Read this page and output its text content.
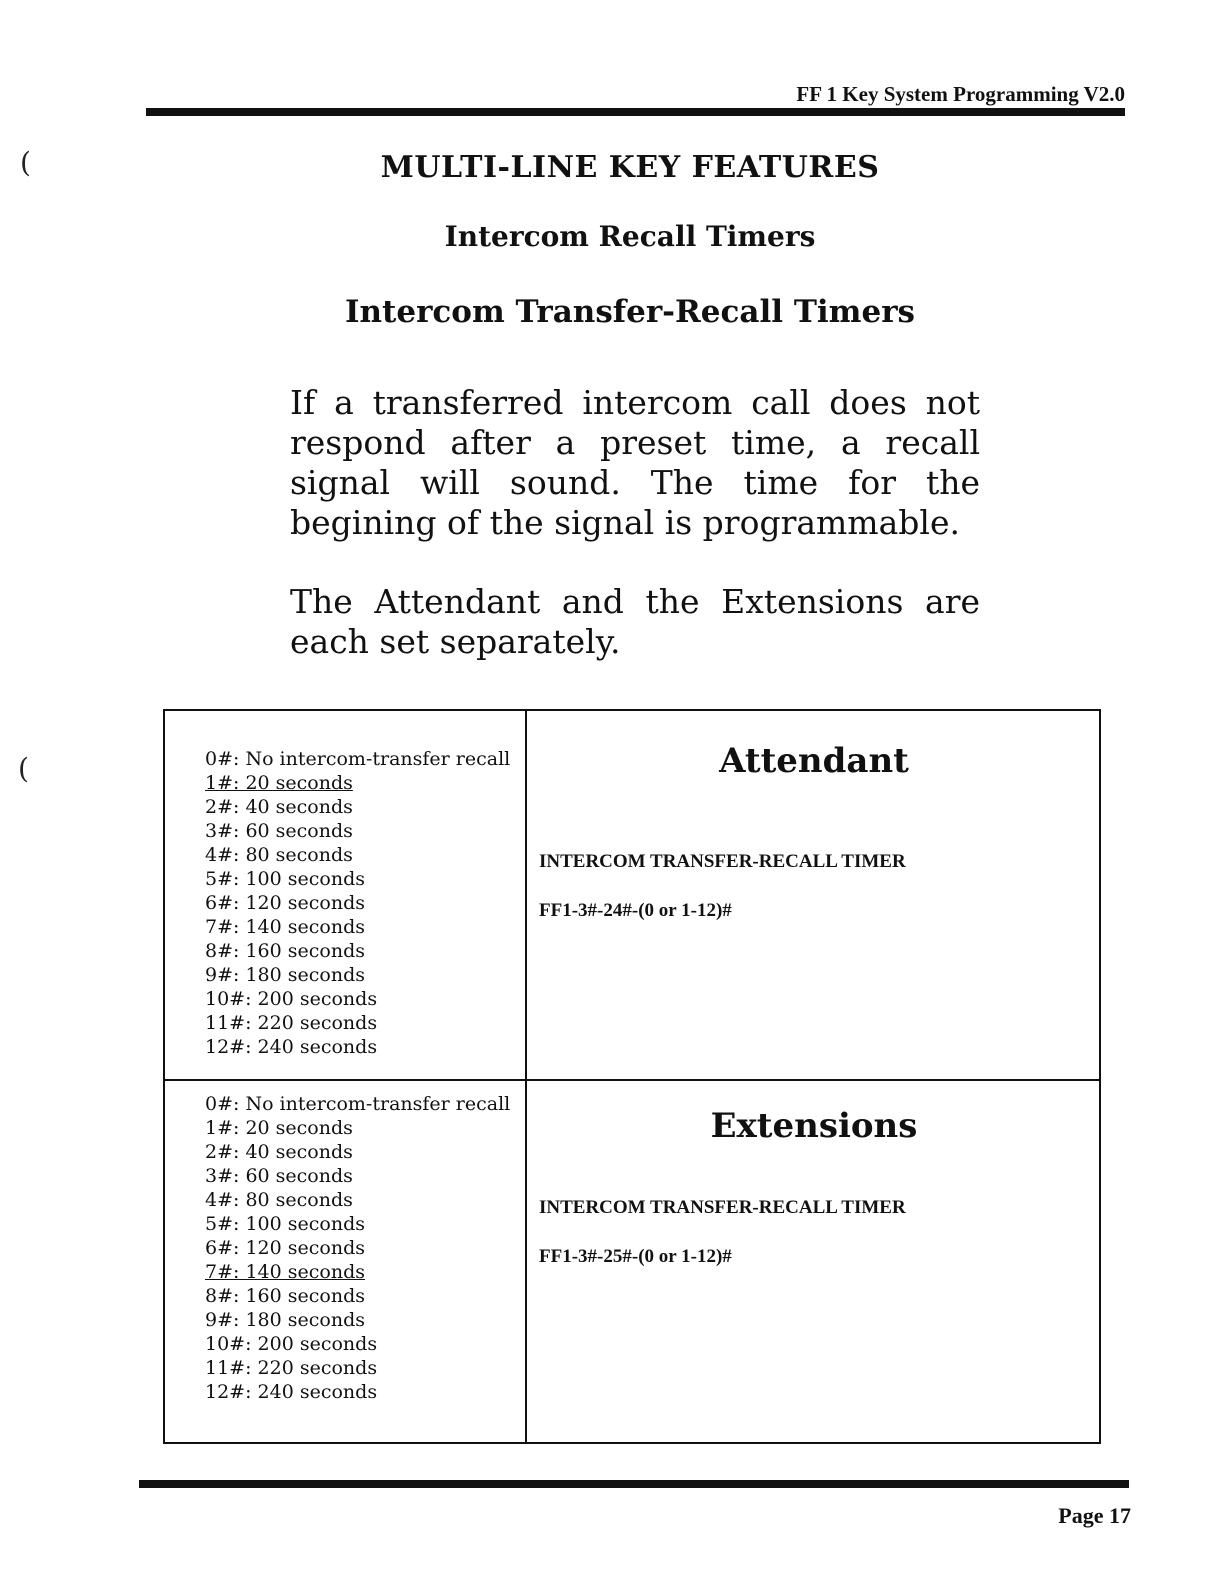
(
(
FF 1 Key System Programming V2.0
MULTI-LINE KEY FEATURES
Intercom Recall Timers
Intercom Transfer-Recall Timers

If a transferred intercom call does not respond after a preset time, a recall signal will sound. The time for the begining of the signal is programmable.

The Attendant and the Extensions are each set separately.

0#: No intercom-transfer recall
1#: 20 seconds
2#: 40 seconds
3#: 60 seconds
4#: 80 seconds
5#: 100 seconds
6#: 120 seconds
7#: 140 seconds
8#: 160 seconds
9#: 180 seconds
10#: 200 seconds
11#: 220 seconds
12#: 240 seconds
Attendant
INTERCOM TRANSFER-RECALL TIMER
FF1-3#-24#-(0 or 1-12)#
0#: No intercom-transfer recall
1#: 20 seconds
2#: 40 seconds
3#: 60 seconds
4#: 80 seconds
5#: 100 seconds
6#: 120 seconds
7#: 140 seconds
8#: 160 seconds
9#: 180 seconds
10#: 200 seconds
11#: 220 seconds
12#: 240 seconds
Extensions
INTERCOM TRANSFER-RECALL TIMER
FF1-3#-25#-(0 or 1-12)#
Page 17
